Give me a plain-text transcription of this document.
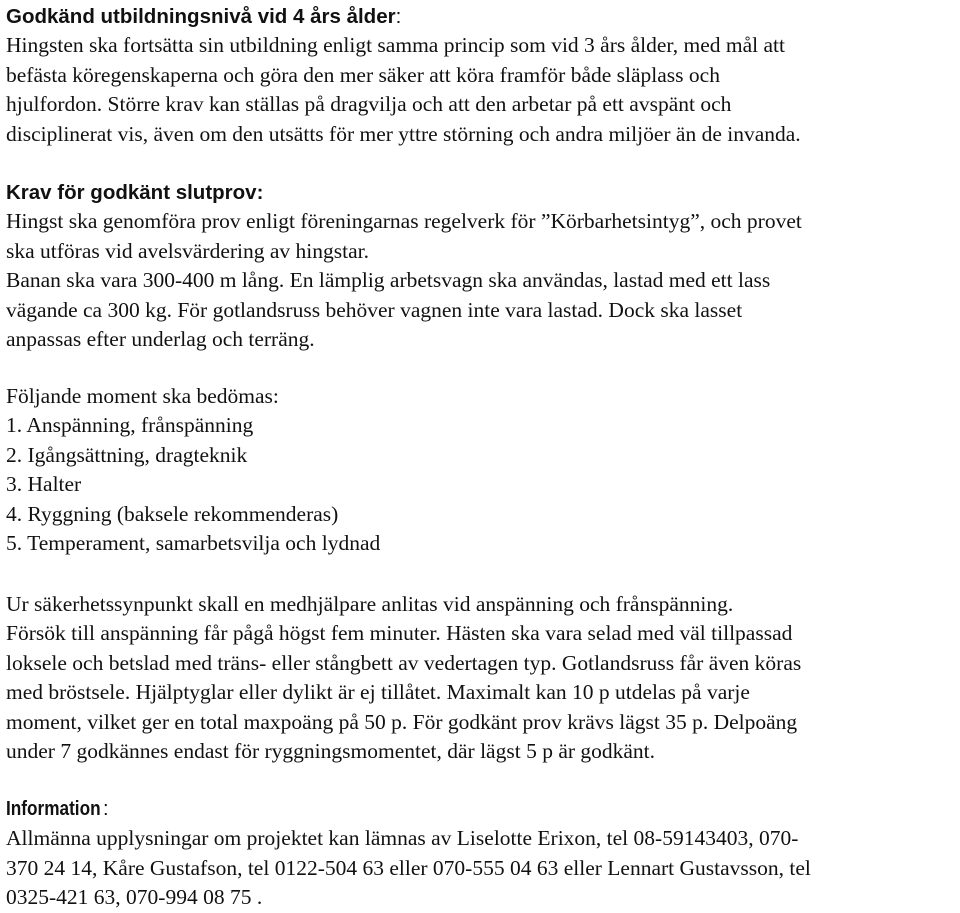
Godkänd utbildningsnivå vid 4 års ålder:
Hingsten ska fortsätta sin utbildning enligt samma princip som vid 3 års ålder, med mål att
befästa köregenskaperna och göra den mer säker att köra framför både släplass och
hjulfordon. Större krav kan ställas på dragvilja och att den arbetar på ett avspänt och
disciplinerat vis, även om den utsätts för mer yttre störning och andra miljöer än de invanda.
Krav för godkänt slutprov:
Hingst ska genomföra prov enligt föreningarnas regelverk för ”Körbarhetsintyg”, och provet
ska utföras vid avelsvärdering av hingstar.
Banan ska vara 300-400 m lång. En lämplig arbetsvagn ska användas, lastad med ett lass
vägande ca 300 kg. För gotlandsruss behöver vagnen inte vara lastad. Dock ska lasset
anpassas efter underlag och terräng.
Följande moment ska bedömas:
1. Anspänning, frånspänning
2. Igångsättning, dragteknik
3. Halter
4. Ryggning (baksele rekommenderas)
5. Temperament, samarbetsvilja och lydnad
Ur säkerhetssynpunkt skall en medhjälpare anlitas vid anspänning och frånspänning.
Försök till anspänning får pågå högst fem minuter. Hästen ska vara selad med väl tillpassad
loksele och betslad med träns- eller stångbett av vedertagen typ. Gotlandsruss får även köras
med bröstsele. Hjälptyglar eller dylikt är ej tillåtet. Maximalt kan 10 p utdelas på varje
moment, vilket ger en total maxpoäng på 50 p. För godkänt prov krävs lägst 35 p. Delpoäng
under 7 godkännes endast för ryggningsmomentet, där lägst 5 p är godkänt.
Information :
Allmänna upplysningar om projektet kan lämnas av Liselotte Erixon, tel 08-59143403, 070-
370 24 14, Kåre Gustafson, tel 0122-504 63 eller 070-555 04 63 eller Lennart Gustavsson, tel
0325-421 63, 070-994 08 75 .
